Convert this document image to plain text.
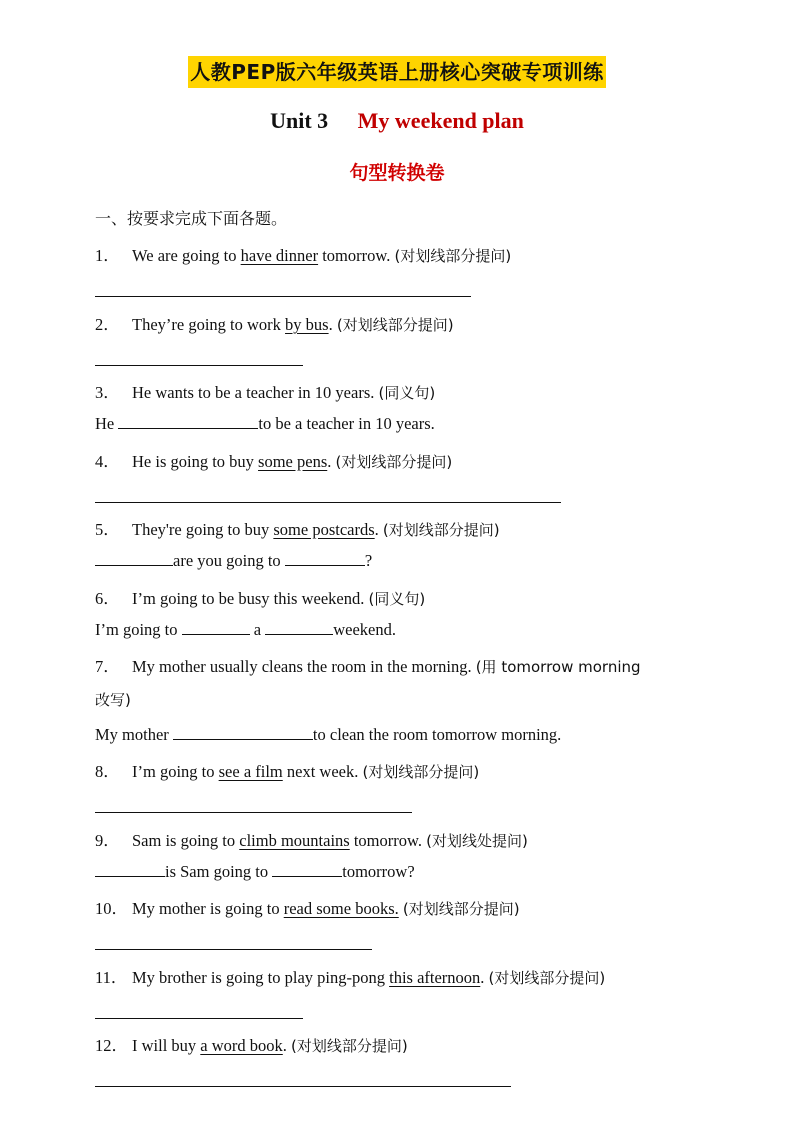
人教PEP版六年级英语上册核心突破专项训练
Unit 3 My weekend plan
句型转换卷
一、按要求完成下面各题。
1． We are going to have dinner tomorrow. (对划线部分提问)
2． They’re going to work by bus. (对划线部分提问)
3． He wants to be a teacher in 10 years. (同义句)
He	to be a teacher in 10 years.
4． He is going to buy some pens. (对划线部分提问)
5． They're going to buy some postcards. (对划线部分提问)
are you going to	?
6． I’m going to be busy this weekend. (同义句)
I’m going to	a	weekend.
7． My mother usually cleans the room in the morning. (用 tomorrow morning
改写)
My mother	to clean the room tomorrow morning.
8． I’m going to see a film next week. (对划线部分提问)
9． Sam is going to climb mountains tomorrow. (对划线处提问)
is Sam going to	tomorrow?
10． My mother is going to read some books. (对划线部分提问)
11． My brother is going to play ping-pong this afternoon. (对划线部分提问)
12． I will buy a word book. (对划线部分提问)
